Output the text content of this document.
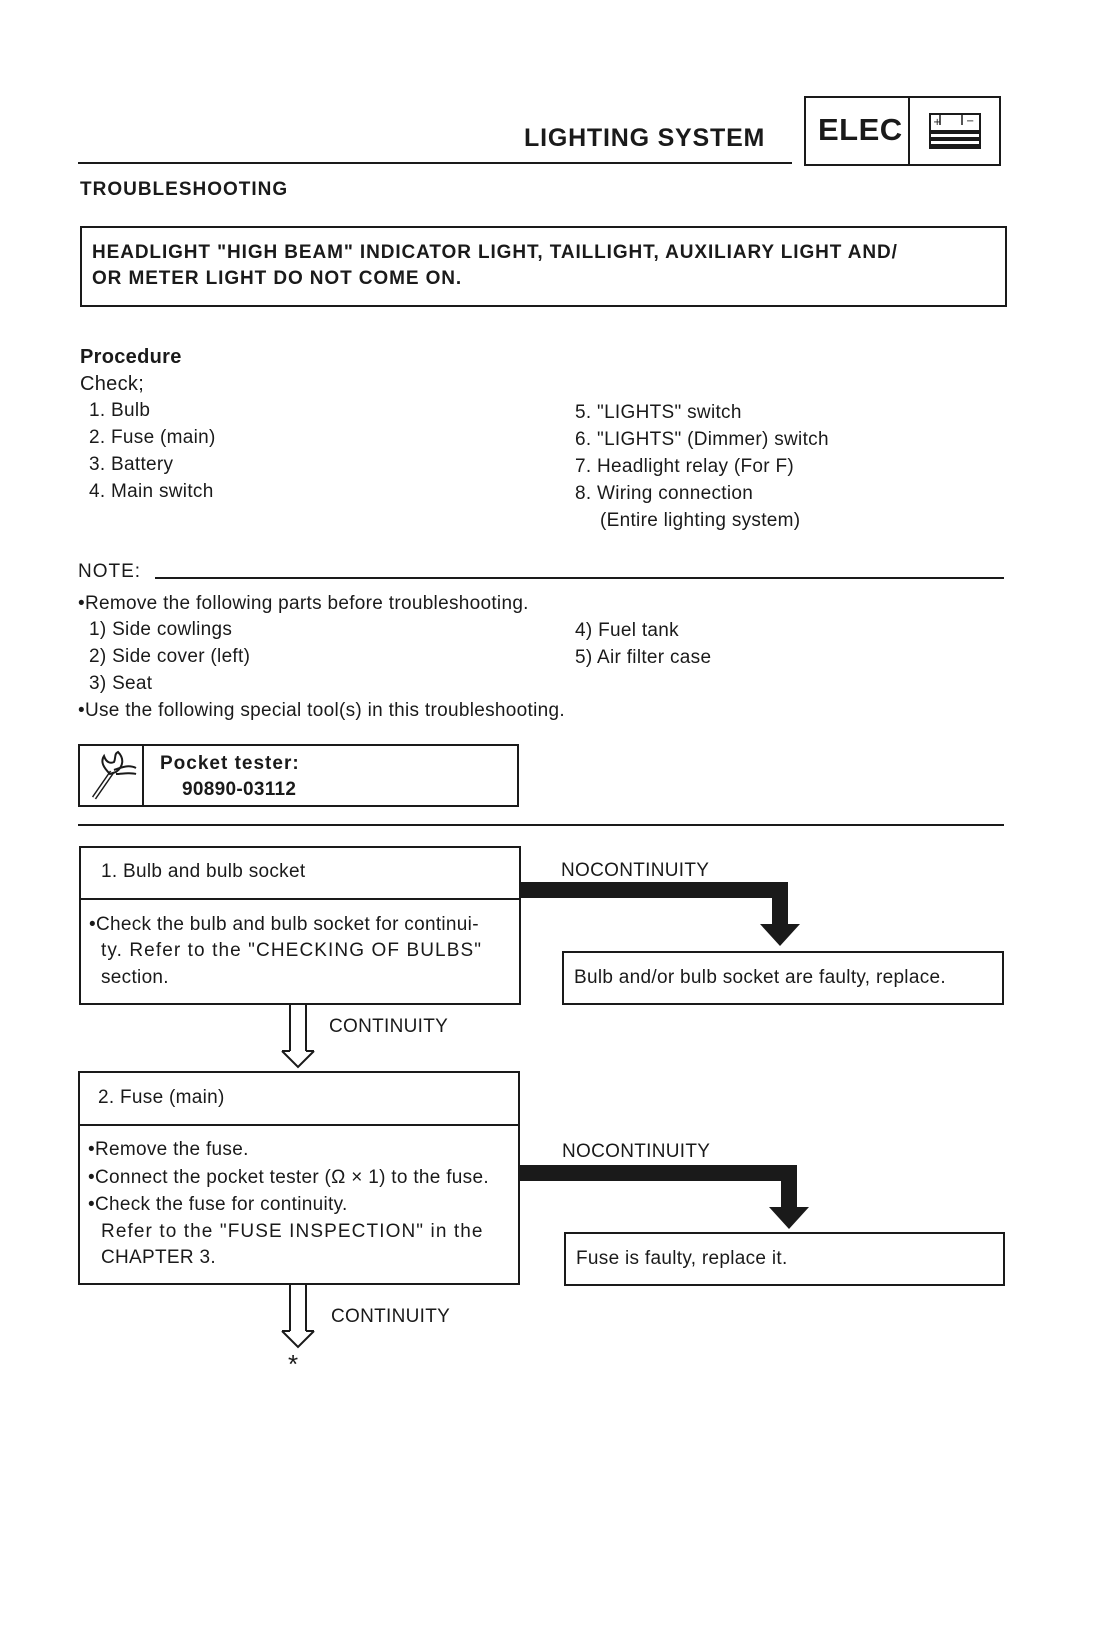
LIGHTING SYSTEM ELEC	+ −
TROUBLESHOOTING
HEADLIGHT "HIGH BEAM" INDICATOR LIGHT, TAILLIGHT, AUXILIARY LIGHT AND/
OR METER LIGHT DO NOT COME ON.
Procedure
Check;
1. Bulb
2. Fuse (main)
3. Battery
4. Main switch
5. "LIGHTS" switch
6. "LIGHTS" (Dimmer) switch
7. Headlight relay (For F)
8. Wiring connection
(Entire lighting system)
NOTE:
•Remove the following parts before troubleshooting.
1) Side cowlings
2) Side cover (left)
3) Seat
4) Fuel tank
5) Air filter case
•Use the following special tool(s) in this troubleshooting.
Pocket tester:
90890-03112
1. Bulb and bulb socket
•Check the bulb and bulb socket for continui-
ty. Refer to the "CHECKING OF BULBS"
section.
NOCONTINUITY
Bulb and/or bulb socket are faulty, replace.
CONTINUITY
2. Fuse (main)
•Remove the fuse.
•Connect the pocket tester (Ω × 1) to the fuse.
•Check the fuse for continuity.
Refer to the "FUSE INSPECTION" in the
CHAPTER 3.
NOCONTINUITY
Fuse is faulty, replace it.
CONTINUITY
*
